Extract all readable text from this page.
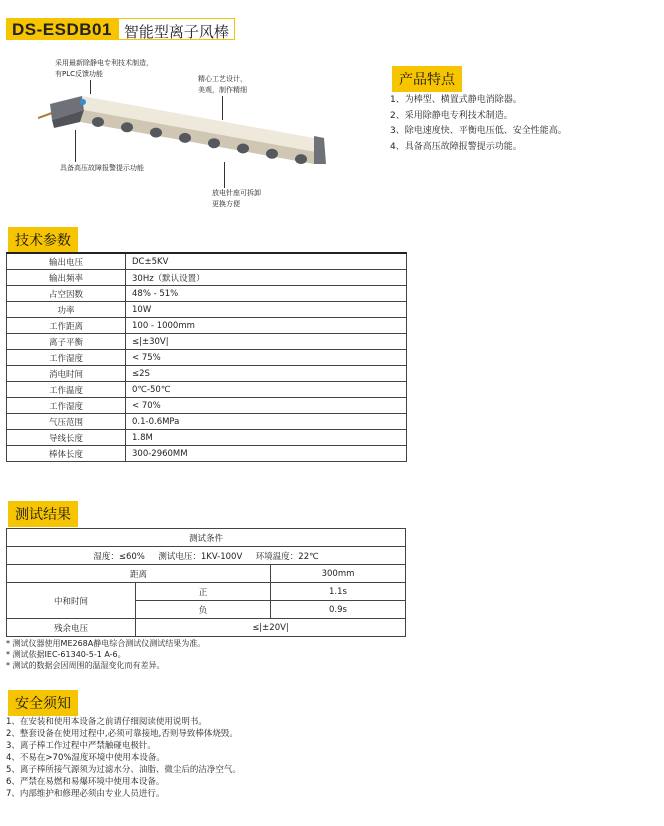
DS-ESDB01 智能型离子风棒
采用最新除静电专利技术制造，
有PLC反馈功能
精心工艺设计，
美观，制作精细
具备高压故障报警提示功能
放电针座可拆卸
更换方便
产品特点
1、为棒型、横置式静电消除器。
2、采用除静电专利技术制造。
3、除电速度快、平衡电压低、安全性能高。
4、具备高压故障报警提示功能。
技术参数
输出电压	DC±5KV
输出频率	30Hz（默认设置）
占空因数	48% - 51%
功率	10W
工作距离	100 - 1000mm
离子平衡	≤|±30V|
工作湿度	< 75%
消电时间	≤2S
工作温度	0℃-50℃
工作湿度	< 70%
气压范围	0.1-0.6MPa
导线长度	1.8M
棒体长度	300-2960MM
测试结果
测试条件		
湿度：≤60% 测试电压：1KV-100V 环境温度：22℃		
距离		300mm
中和时间	正	1.1s
	负	0.9s
残余电压	≤|±20V|	
* 测试仪器使用ME268A静电综合测试仪测试结果为准。
* 测试依据IEC-61340-5-1 A-6。
* 测试的数据会因周围的温湿变化而有差异。
安全须知
1、在安装和使用本设备之前请仔细阅读使用说明书。
2、整套设备在使用过程中,必须可靠接地,否则导致棒体烧毁。
3、离子棒工作过程中严禁触碰电极针。
4、不易在>70%湿度环境中使用本设备。
5、离子棒所接气源须为过滤水分、油脂、微尘后的洁净空气。
6、严禁在易燃和易爆环境中使用本设备。
7、内部维护和修理必须由专业人员进行。
